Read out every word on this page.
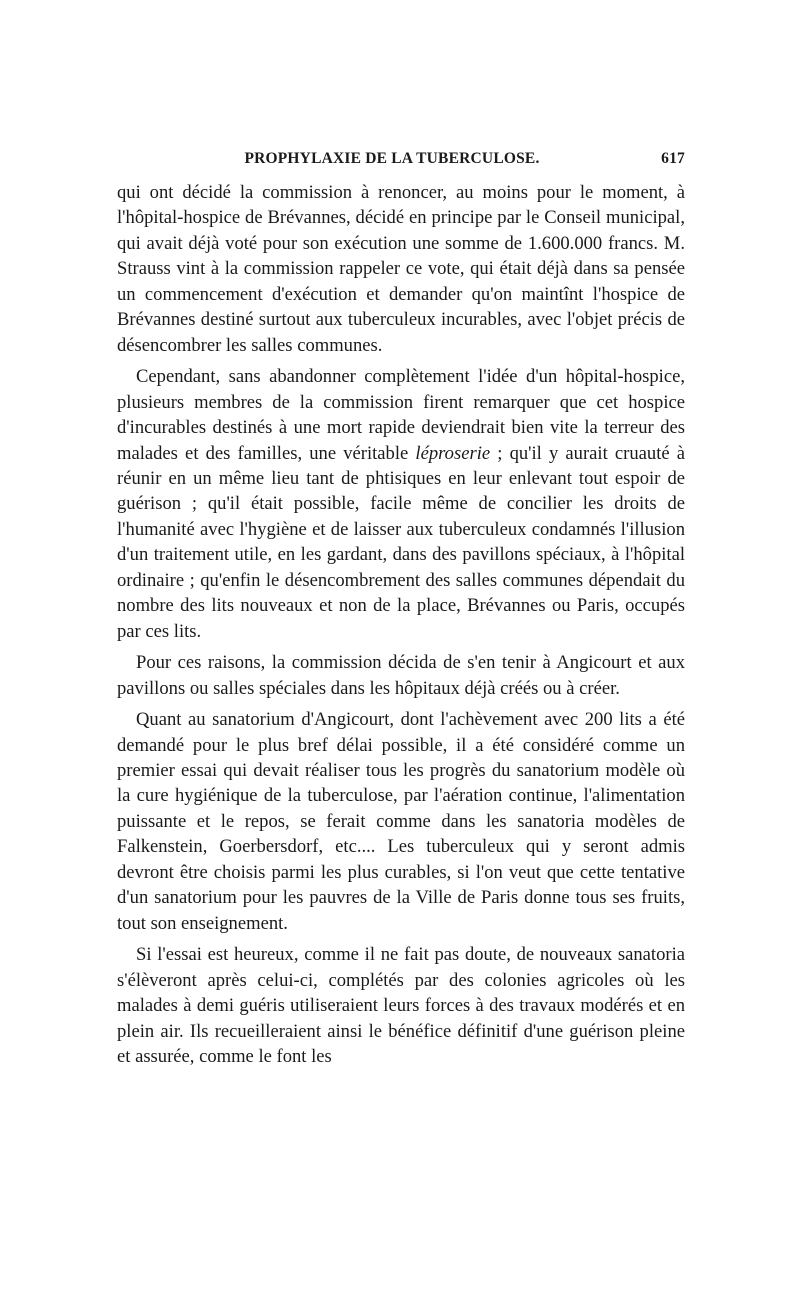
PROPHYLAXIE DE LA TUBERCULOSE.	617

qui ont décidé la commission à renoncer, au moins pour le moment, à l'hôpital-hospice de Brévannes, décidé en principe par le Conseil municipal, qui avait déjà voté pour son exécution une somme de 1.600.000 francs. M. Strauss vint à la commission rappeler ce vote, qui était déjà dans sa pensée un commencement d'exécution et demander qu'on maintînt l'hospice de Brévannes destiné surtout aux tuberculeux incurables, avec l'objet précis de désencombrer les salles communes.

Cependant, sans abandonner complètement l'idée d'un hôpital-hospice, plusieurs membres de la commission firent remarquer que cet hospice d'incurables destinés à une mort rapide deviendrait bien vite la terreur des malades et des familles, une véritable léproserie ; qu'il y aurait cruauté à réunir en un même lieu tant de phtisiques en leur enlevant tout espoir de guérison ; qu'il était possible, facile même de concilier les droits de l'humanité avec l'hygiène et de laisser aux tuberculeux condamnés l'illusion d'un traitement utile, en les gardant, dans des pavillons spéciaux, à l'hôpital ordinaire ; qu'enfin le désencombrement des salles communes dépendait du nombre des lits nouveaux et non de la place, Brévannes ou Paris, occupés par ces lits.

Pour ces raisons, la commission décida de s'en tenir à Angicourt et aux pavillons ou salles spéciales dans les hôpitaux déjà créés ou à créer.

Quant au sanatorium d'Angicourt, dont l'achèvement avec 200 lits a été demandé pour le plus bref délai possible, il a été considéré comme un premier essai qui devait réaliser tous les progrès du sanatorium modèle où la cure hygiénique de la tuberculose, par l'aération continue, l'alimentation puissante et le repos, se ferait comme dans les sanatoria modèles de Falkenstein, Goerbersdorf, etc.... Les tuberculeux qui y seront admis devront être choisis parmi les plus curables, si l'on veut que cette tentative d'un sanatorium pour les pauvres de la Ville de Paris donne tous ses fruits, tout son enseignement.

Si l'essai est heureux, comme il ne fait pas doute, de nouveaux sanatoria s'élèveront après celui-ci, complétés par des colonies agricoles où les malades à demi guéris utiliseraient leurs forces à des travaux modérés et en plein air. Ils recueilleraient ainsi le bénéfice définitif d'une guérison pleine et assurée, comme le font les
